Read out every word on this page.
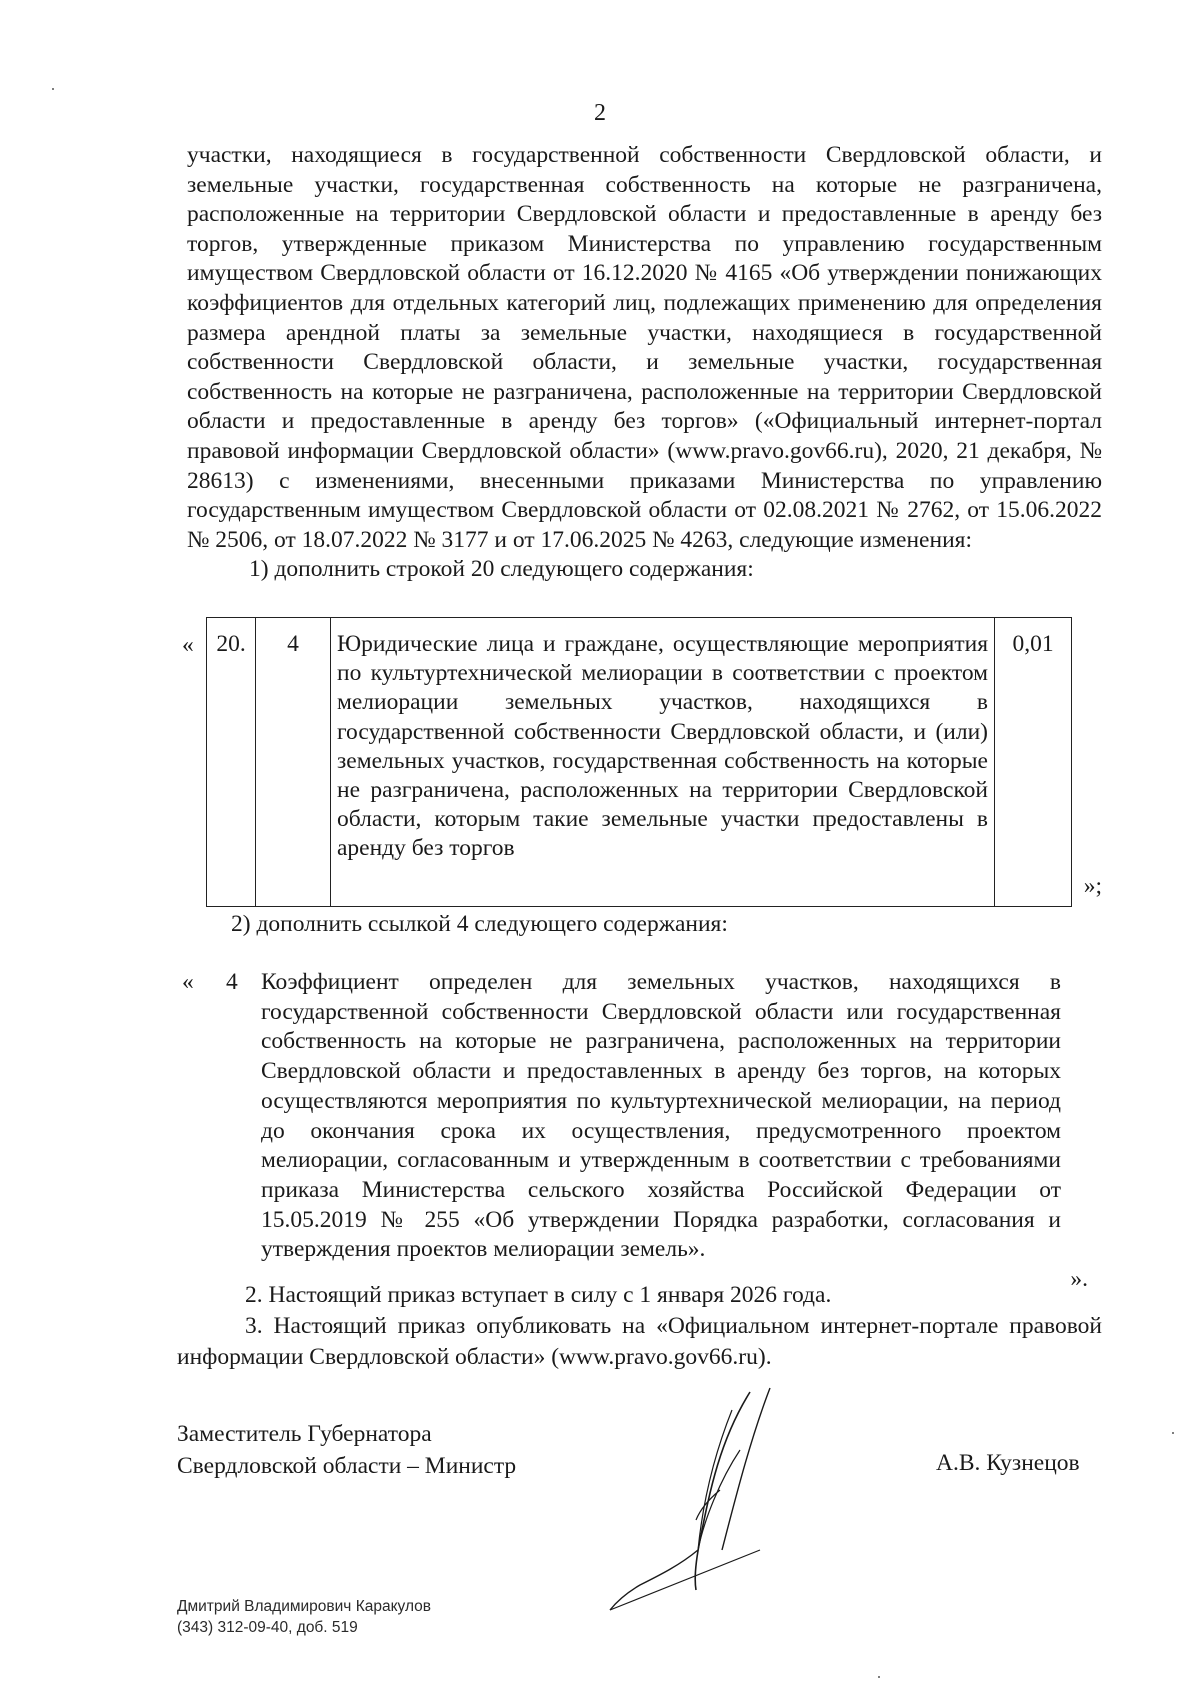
2

участки, находящиеся в государственной собственности Свердловской области, и земельные участки, государственная собственность на которые не разграничена, расположенные на территории Свердловской области и предоставленные в аренду без торгов, утвержденные приказом Министерства по управлению государственным имуществом Свердловской области от 16.12.2020 № 4165 «Об утверждении понижающих коэффициентов для отдельных категорий лиц, подлежащих применению для определения размера арендной платы за земельные участки, находящиеся в государственной собственности Свердловской области, и земельные участки, государственная собственность на которые не разграничена, расположенные на территории Свердловской области и предоставленные в аренду без торгов» («Официальный интернет-портал правовой информации Свердловской области» (www.pravo.gov66.ru), 2020, 21 декабря, № 28613) с изменениями, внесенными приказами Министерства по управлению государственным имуществом Свердловской области от 02.08.2021 № 2762, от 15.06.2022 № 2506, от 18.07.2022 № 3177 и от 17.06.2025 № 4263, следующие изменения:

1) дополнить строкой 20 следующего содержания:

« 20.	4	Юридические лица и граждане, осуществляющие мероприятия по культуртехнической мелиорации в соответствии с проектом мелиорации земельных участков, находящихся в государственной собственности Свердловской области, и (или) земельных участков, государственная собственность на которые не разграничена, расположенных на территории Свердловской области, которым такие земельные участки предоставлены в аренду без торгов	0,01
»;
2) дополнить ссылкой 4 следующего содержания:
« 4 Коэффициент определен для земельных участков, находящихся в государственной собственности Свердловской области или государственная собственность на которые не разграничена, расположенных на территории Свердловской области и предоставленных в аренду без торгов, на которых осуществляются мероприятия по культуртехнической мелиорации, на период до окончания срока их осуществления, предусмотренного проектом мелиорации, согласованным и утвержденным в соответствии с требованиями приказа Министерства сельского хозяйства Российской Федерации от 15.05.2019 № 255 «Об утверждении Порядка разработки, согласования и утверждения проектов мелиорации земель».
».

2. Настоящий приказ вступает в силу с 1 января 2026 года.

3. Настоящий приказ опубликовать на «Официальном интернет-портале правовой информации Свердловской области» (www.pravo.gov66.ru).

Заместитель Губернатора
Свердловской области – Министр	А.В. Кузнецов
Дмитрий Владимирович Каракулов
(343) 312-09-40, доб. 519
